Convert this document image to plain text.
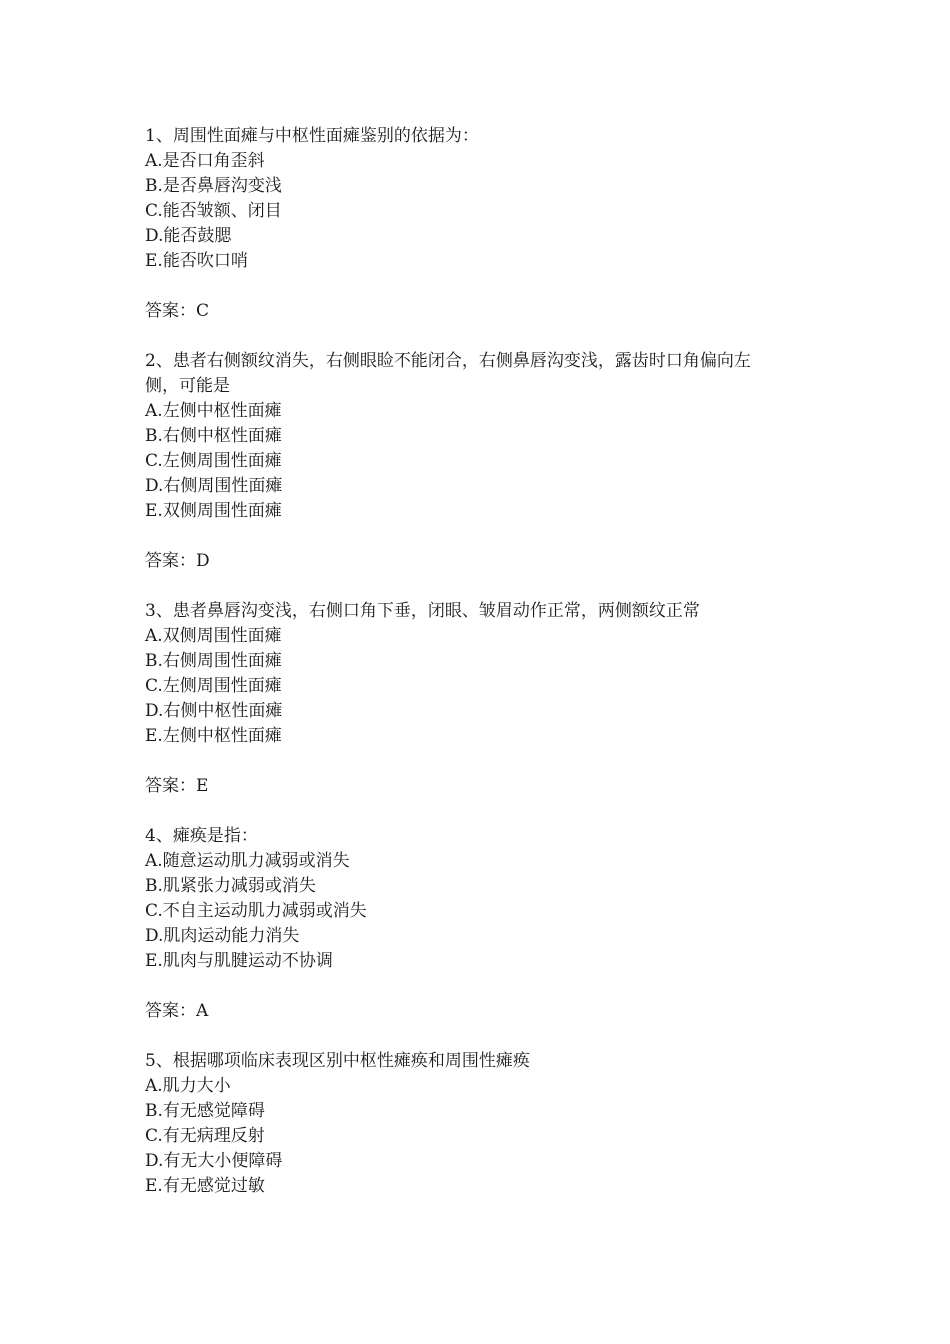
1、周围性面瘫与中枢性面瘫鉴别的依据为：
A.是否口角歪斜
B.是否鼻唇沟变浅
C.能否皱额、闭目
D.能否鼓腮
E.能否吹口哨
答案：C
2、患者右侧额纹消失，右侧眼睑不能闭合，右侧鼻唇沟变浅，露齿时口角偏向左
侧，可能是
A.左侧中枢性面瘫
B.右侧中枢性面瘫
C.左侧周围性面瘫
D.右侧周围性面瘫
E.双侧周围性面瘫
答案：D
3、患者鼻唇沟变浅，右侧口角下垂，闭眼、皱眉动作正常，两侧额纹正常
A.双侧周围性面瘫
B.右侧周围性面瘫
C.左侧周围性面瘫
D.右侧中枢性面瘫
E.左侧中枢性面瘫
答案：E
4、瘫痪是指：
A.随意运动肌力减弱或消失
B.肌紧张力减弱或消失
C.不自主运动肌力减弱或消失
D.肌肉运动能力消失
E.肌肉与肌腱运动不协调
答案：A
5、根据哪项临床表现区别中枢性瘫痪和周围性瘫痪
A.肌力大小
B.有无感觉障碍
C.有无病理反射
D.有无大小便障碍
E.有无感觉过敏
